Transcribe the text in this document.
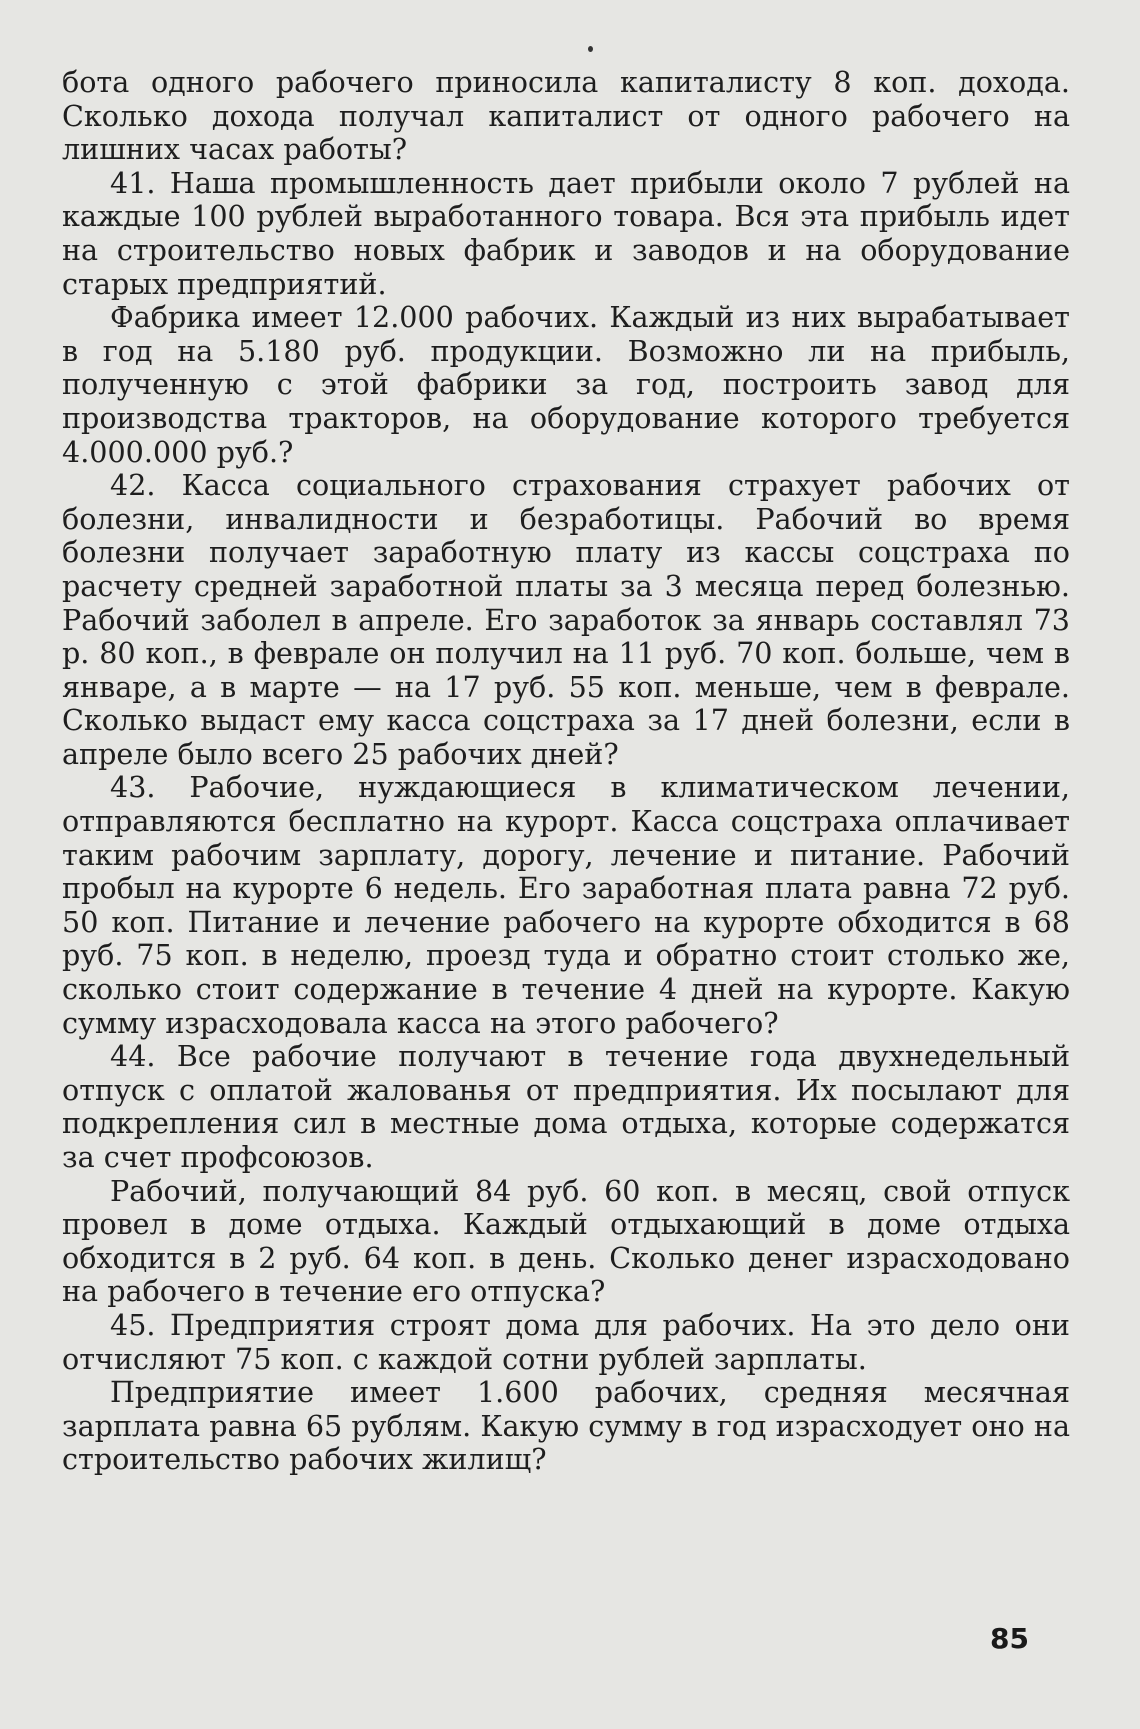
бота одного рабочего приносила капиталисту 8 коп. дохода. Сколько дохода получал капиталист от одного рабочего на лишних часах работы?

41. Наша промышленность дает прибыли около 7 рублей на каждые 100 рублей выработанного товара. Вся эта прибыль идет на строительство новых фабрик и заводов и на оборудование старых предприятий.

Фабрика имеет 12.000 рабочих. Каждый из них вырабатывает в год на 5.180 руб. продукции. Возможно ли на прибыль, полученную с этой фабрики за год, построить завод для производства тракторов, на оборудование которого требуется 4.000.000 руб.?

42. Касса социального страхования страхует рабочих от болезни, инвалидности и безработицы. Рабочий во время болезни получает заработную плату из кассы соцстраха по расчету средней заработной платы за 3 месяца перед болезнью. Рабочий заболел в апреле. Его заработок за январь составлял 73 р. 80 коп., в феврале он получил на 11 руб. 70 коп. больше, чем в январе, а в марте — на 17 руб. 55 коп. меньше, чем в феврале. Сколько выдаст ему касса соцстраха за 17 дней болезни, если в апреле было всего 25 рабочих дней?

43. Рабочие, нуждающиеся в климатическом лечении, отправляются бесплатно на курорт. Касса соцстраха оплачивает таким рабочим зарплату, дорогу, лечение и питание. Рабочий пробыл на курорте 6 недель. Его заработная плата равна 72 руб. 50 коп. Питание и лечение рабочего на курорте обходится в 68 руб. 75 коп. в неделю, проезд туда и обратно стоит столько же, сколько стоит содержание в течение 4 дней на курорте. Какую сумму израсходовала касса на этого рабочего?

44. Все рабочие получают в течение года двухнедельный отпуск с оплатой жалованья от предприятия. Их посылают для подкрепления сил в местные дома отдыха, которые содержатся за счет профсоюзов.

Рабочий, получающий 84 руб. 60 коп. в месяц, свой отпуск провел в доме отдыха. Каждый отдыхающий в доме отдыха обходится в 2 руб. 64 коп. в день. Сколько денег израсходовано на рабочего в течение его отпуска?

45. Предприятия строят дома для рабочих. На это дело они отчисляют 75 коп. с каждой сотни рублей зарплаты.

Предприятие имеет 1.600 рабочих, средняя месячная зарплата равна 65 рублям. Какую сумму в год израсходует оно на строительство рабочих жилищ?

85
